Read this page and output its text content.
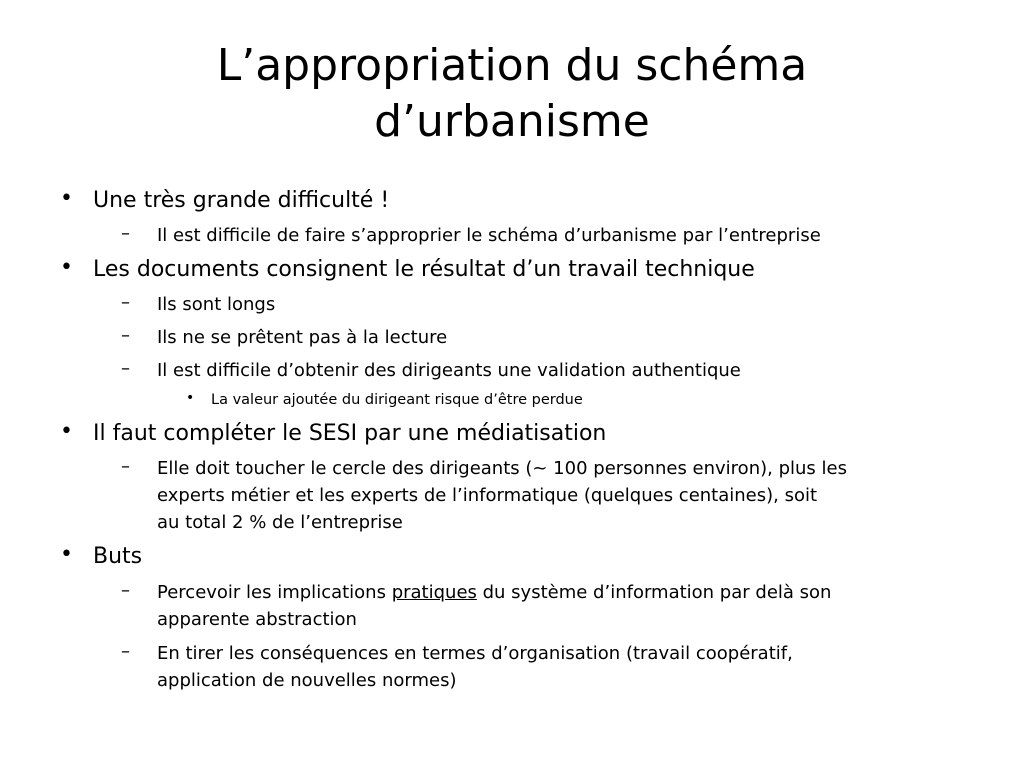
L’appropriation du schéma
d’urbanisme
• Une très grande difficulté !
– Il est difficile de faire s’approprier le schéma d’urbanisme par l’entreprise
• Les documents consignent le résultat d’un travail technique
– Ils sont longs
– Ils ne se prêtent pas à la lecture
– Il est difficile d’obtenir des dirigeants une validation authentique
• La valeur ajoutée du dirigeant risque d’être perdue
• Il faut compléter le SESI par une médiatisation
– Elle doit toucher le cercle des dirigeants (~ 100 personnes environ), plus les
experts métier et les experts de l’informatique (quelques centaines), soit
au total 2 % de l’entreprise
• Buts
– Percevoir les implications pratiques du système d’information par delà son
apparente abstraction
– En tirer les conséquences en termes d’organisation (travail coopératif,
application de nouvelles normes)
